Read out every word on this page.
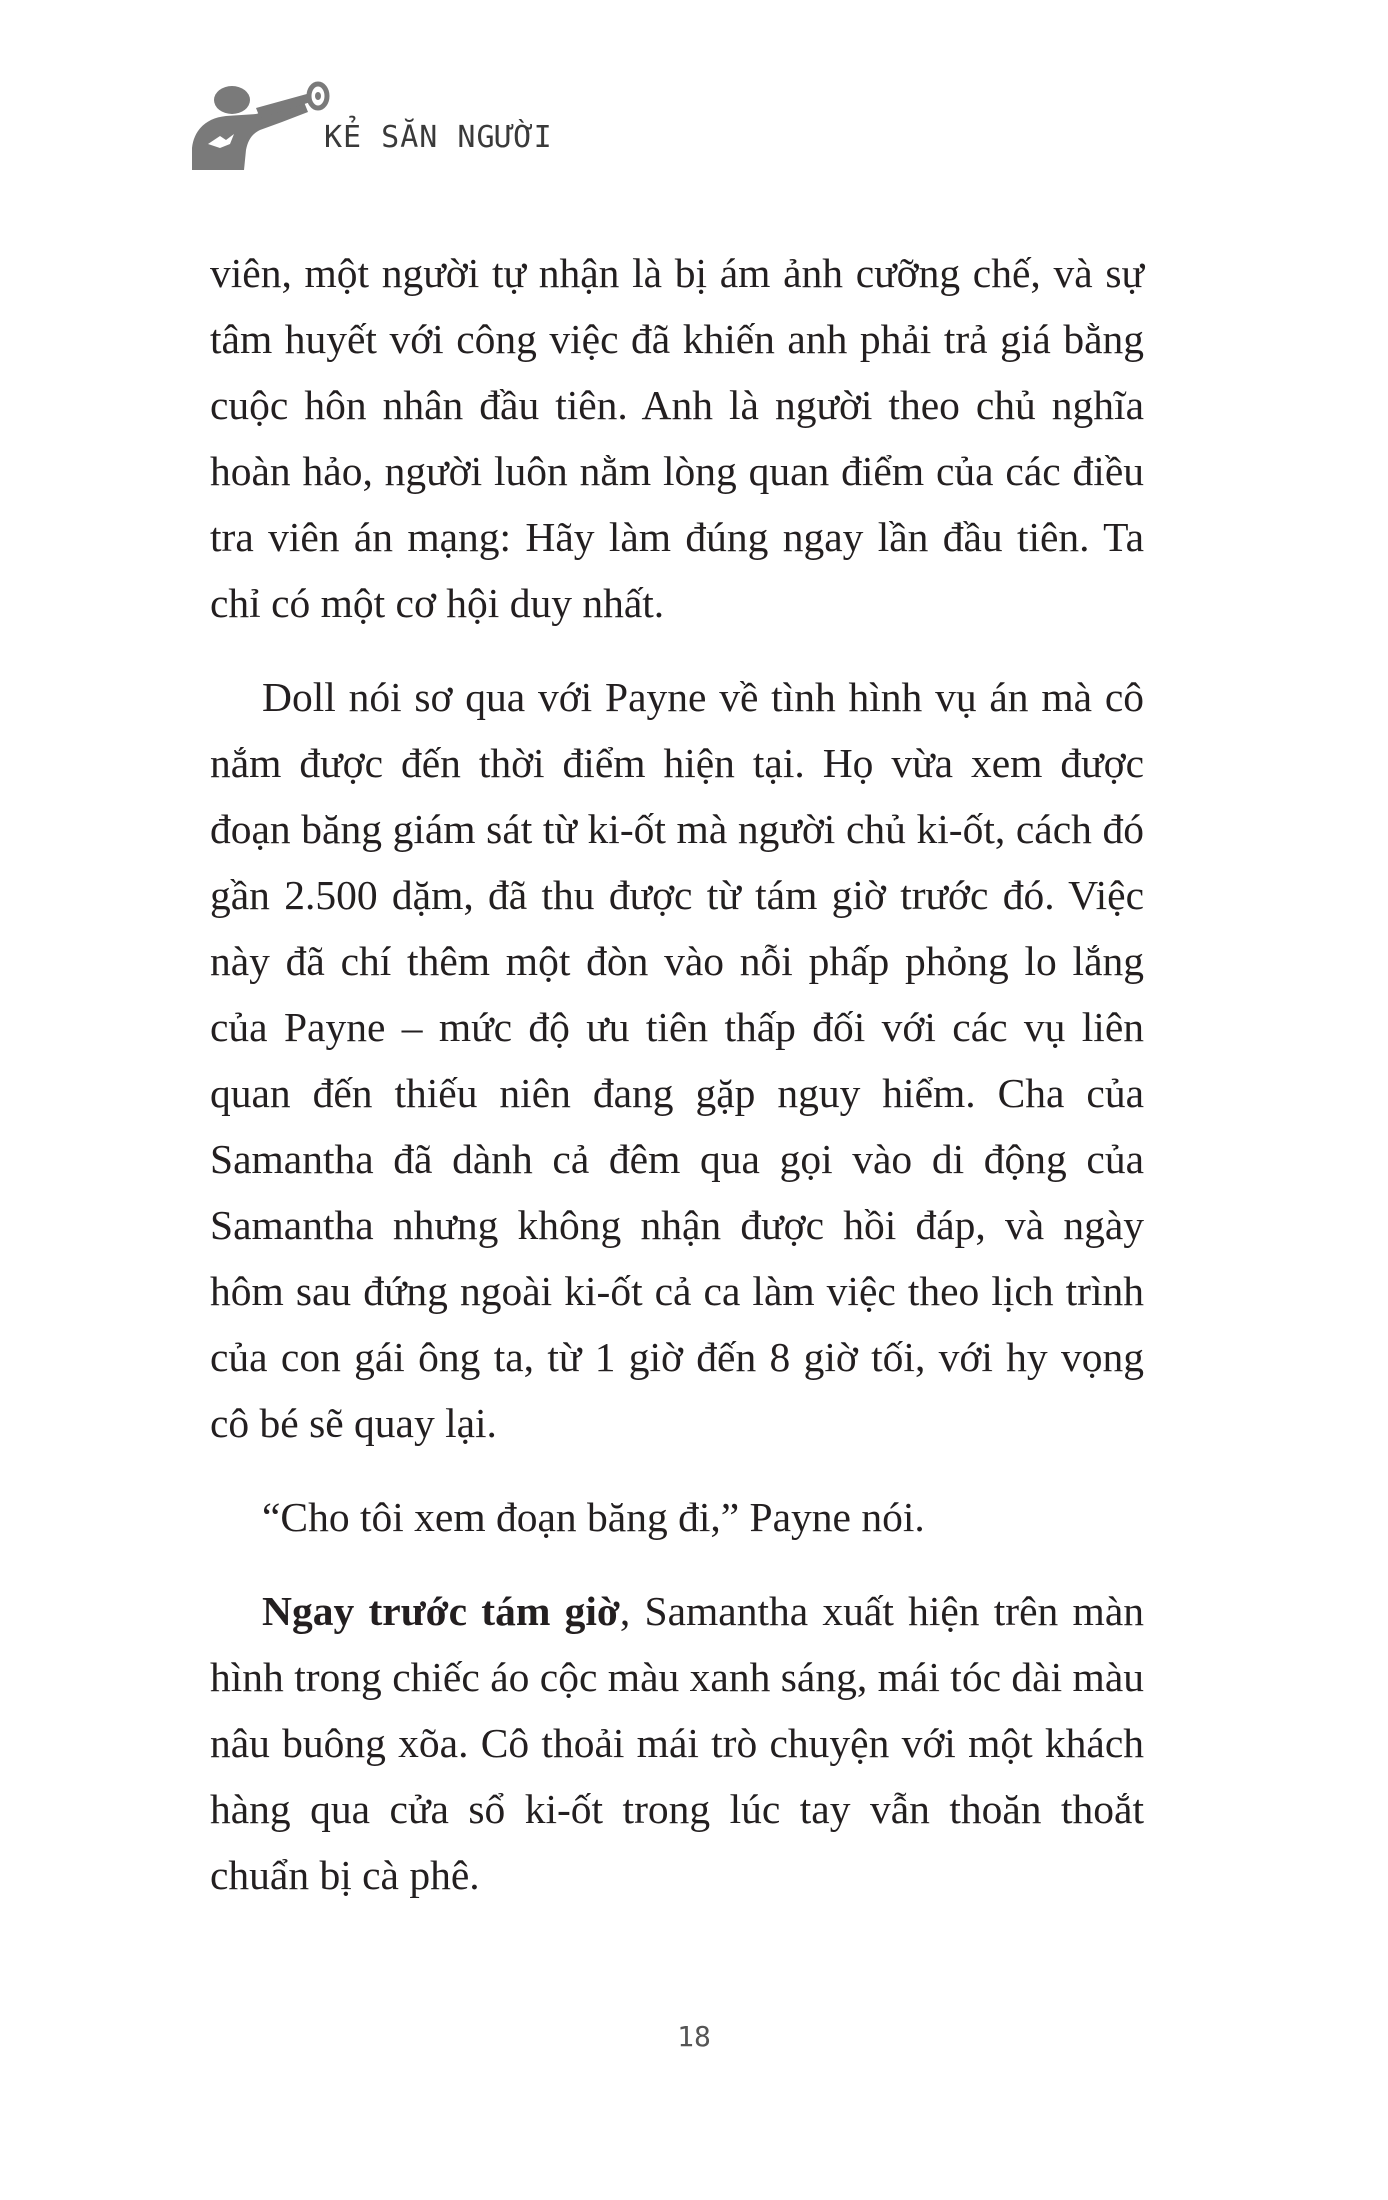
KẺ SĂN NGƯỜI

viên, một người tự nhận là bị ám ảnh cưỡng chế, và sự tâm huyết với công việc đã khiến anh phải trả giá bằng cuộc hôn nhân đầu tiên. Anh là người theo chủ nghĩa hoàn hảo, người luôn nằm lòng quan điểm của các điều tra viên án mạng: Hãy làm đúng ngay lần đầu tiên. Ta chỉ có một cơ hội duy nhất.

Doll nói sơ qua với Payne về tình hình vụ án mà cô nắm được đến thời điểm hiện tại. Họ vừa xem được đoạn băng giám sát từ ki-ốt mà người chủ ki-ốt, cách đó gần 2.500 dặm, đã thu được từ tám giờ trước đó. Việc này đã chí thêm một đòn vào nỗi phấp phỏng lo lắng của Payne – mức độ ưu tiên thấp đối với các vụ liên quan đến thiếu niên đang gặp nguy hiểm. Cha của Samantha đã dành cả đêm qua gọi vào di động của Samantha nhưng không nhận được hồi đáp, và ngày hôm sau đứng ngoài ki-ốt cả ca làm việc theo lịch trình của con gái ông ta, từ 1 giờ đến 8 giờ tối, với hy vọng cô bé sẽ quay lại.

“Cho tôi xem đoạn băng đi,” Payne nói.

Ngay trước tám giờ, Samantha xuất hiện trên màn hình trong chiếc áo cộc màu xanh sáng, mái tóc dài màu nâu buông xõa. Cô thoải mái trò chuyện với một khách hàng qua cửa sổ ki-ốt trong lúc tay vẫn thoăn thoắt chuẩn bị cà phê.

18
